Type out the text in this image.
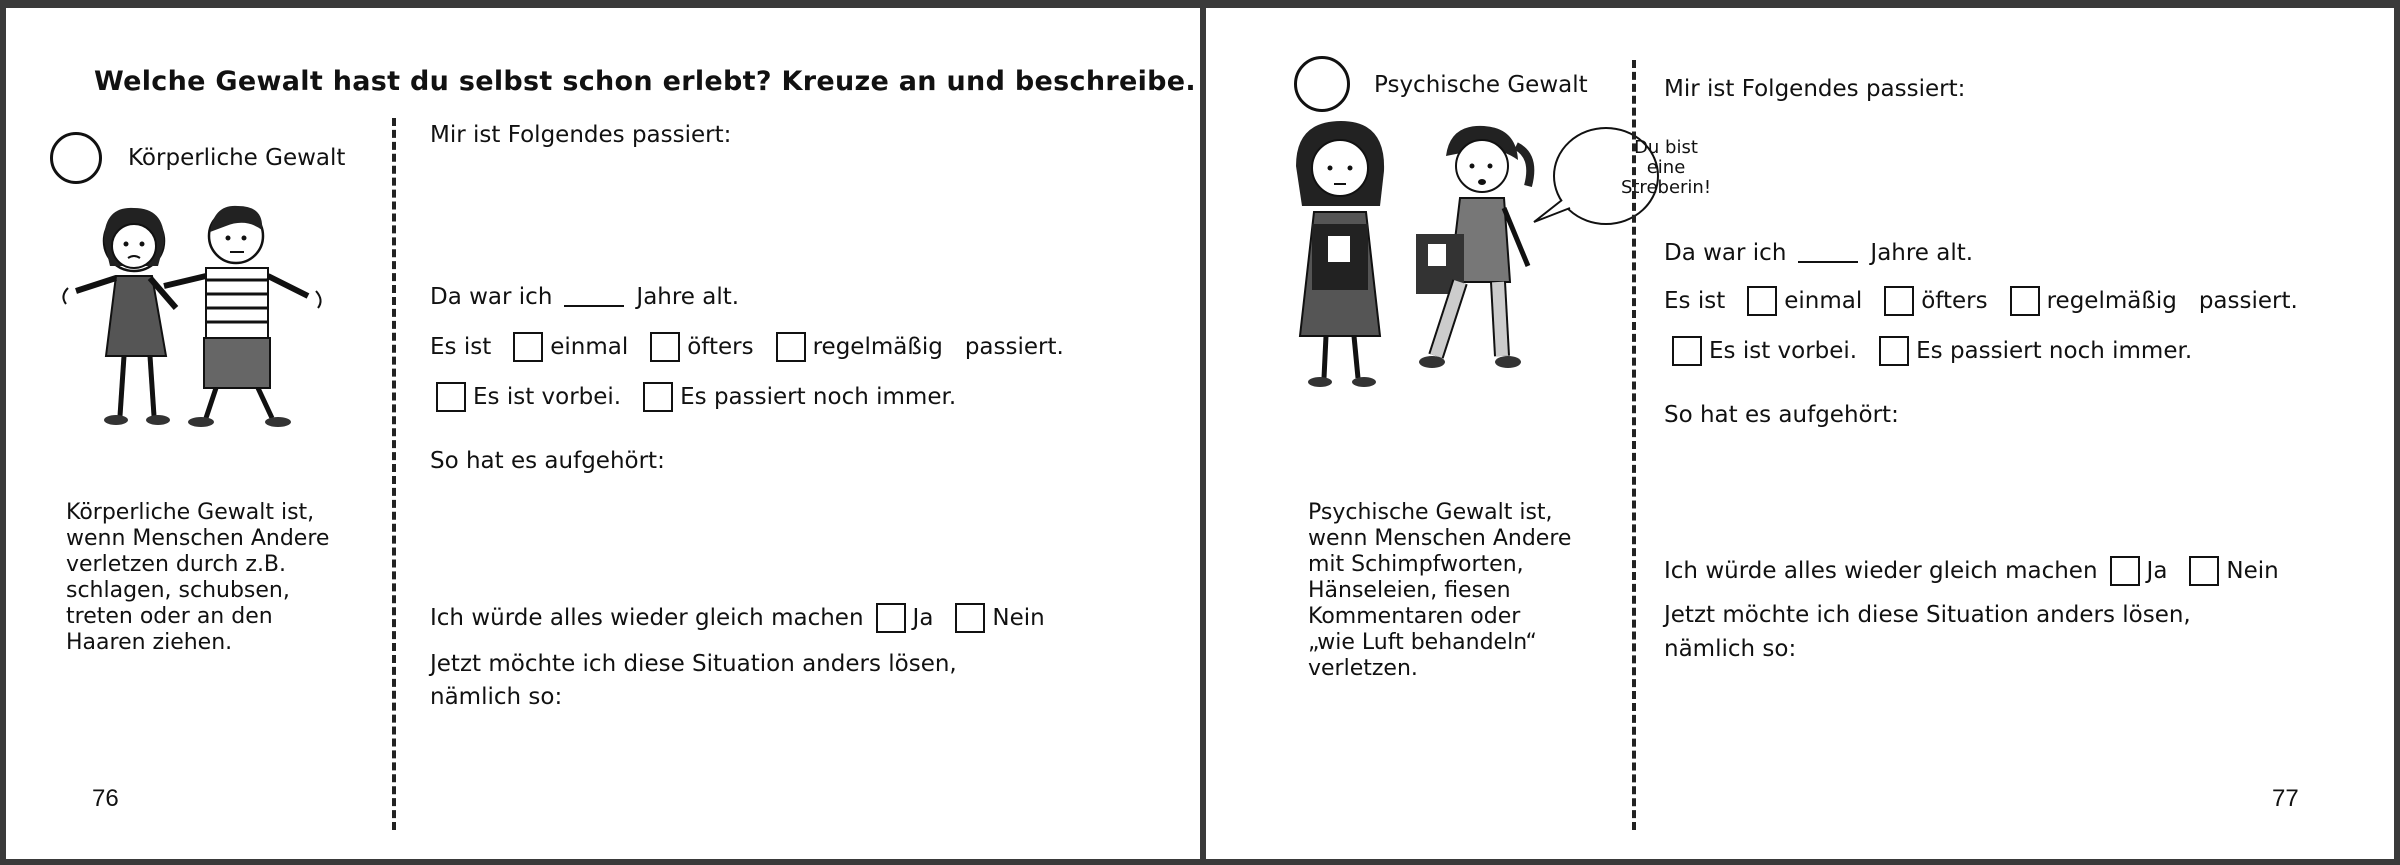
Welche Gewalt hast du selbst schon erlebt? Kreuze an und beschreibe.
Körperliche Gewalt
Körperliche Gewalt ist,
wenn Menschen Andere
verletzen durch z.B.
schlagen, schubsen,
treten oder an den
Haaren ziehen.
76
Mir ist Folgendes passiert:
Da war ich	Jahre alt.
Es ist	einmal	öfters	regelmäßig passiert.
Es ist vorbei.	Es passiert noch immer.
So hat es aufgehört:
Ich würde alles wieder gleich machen Ja	Nein
Jetzt möchte ich diese Situation anders lösen,
nämlich so:
Psychische Gewalt
Du bist
eine
Streberin!
Psychische Gewalt ist,
wenn Menschen Andere
mit Schimpfworten,
Hänseleien, fiesen
Kommentaren oder
„wie Luft behandeln“
verletzen.
77
Mir ist Folgendes passiert:
Da war ich	Jahre alt.
Es ist	einmal	öfters	regelmäßig passiert.
Es ist vorbei.	Es passiert noch immer.
So hat es aufgehört:
Ich würde alles wieder gleich machen Ja	Nein
Jetzt möchte ich diese Situation anders lösen,
nämlich so:
